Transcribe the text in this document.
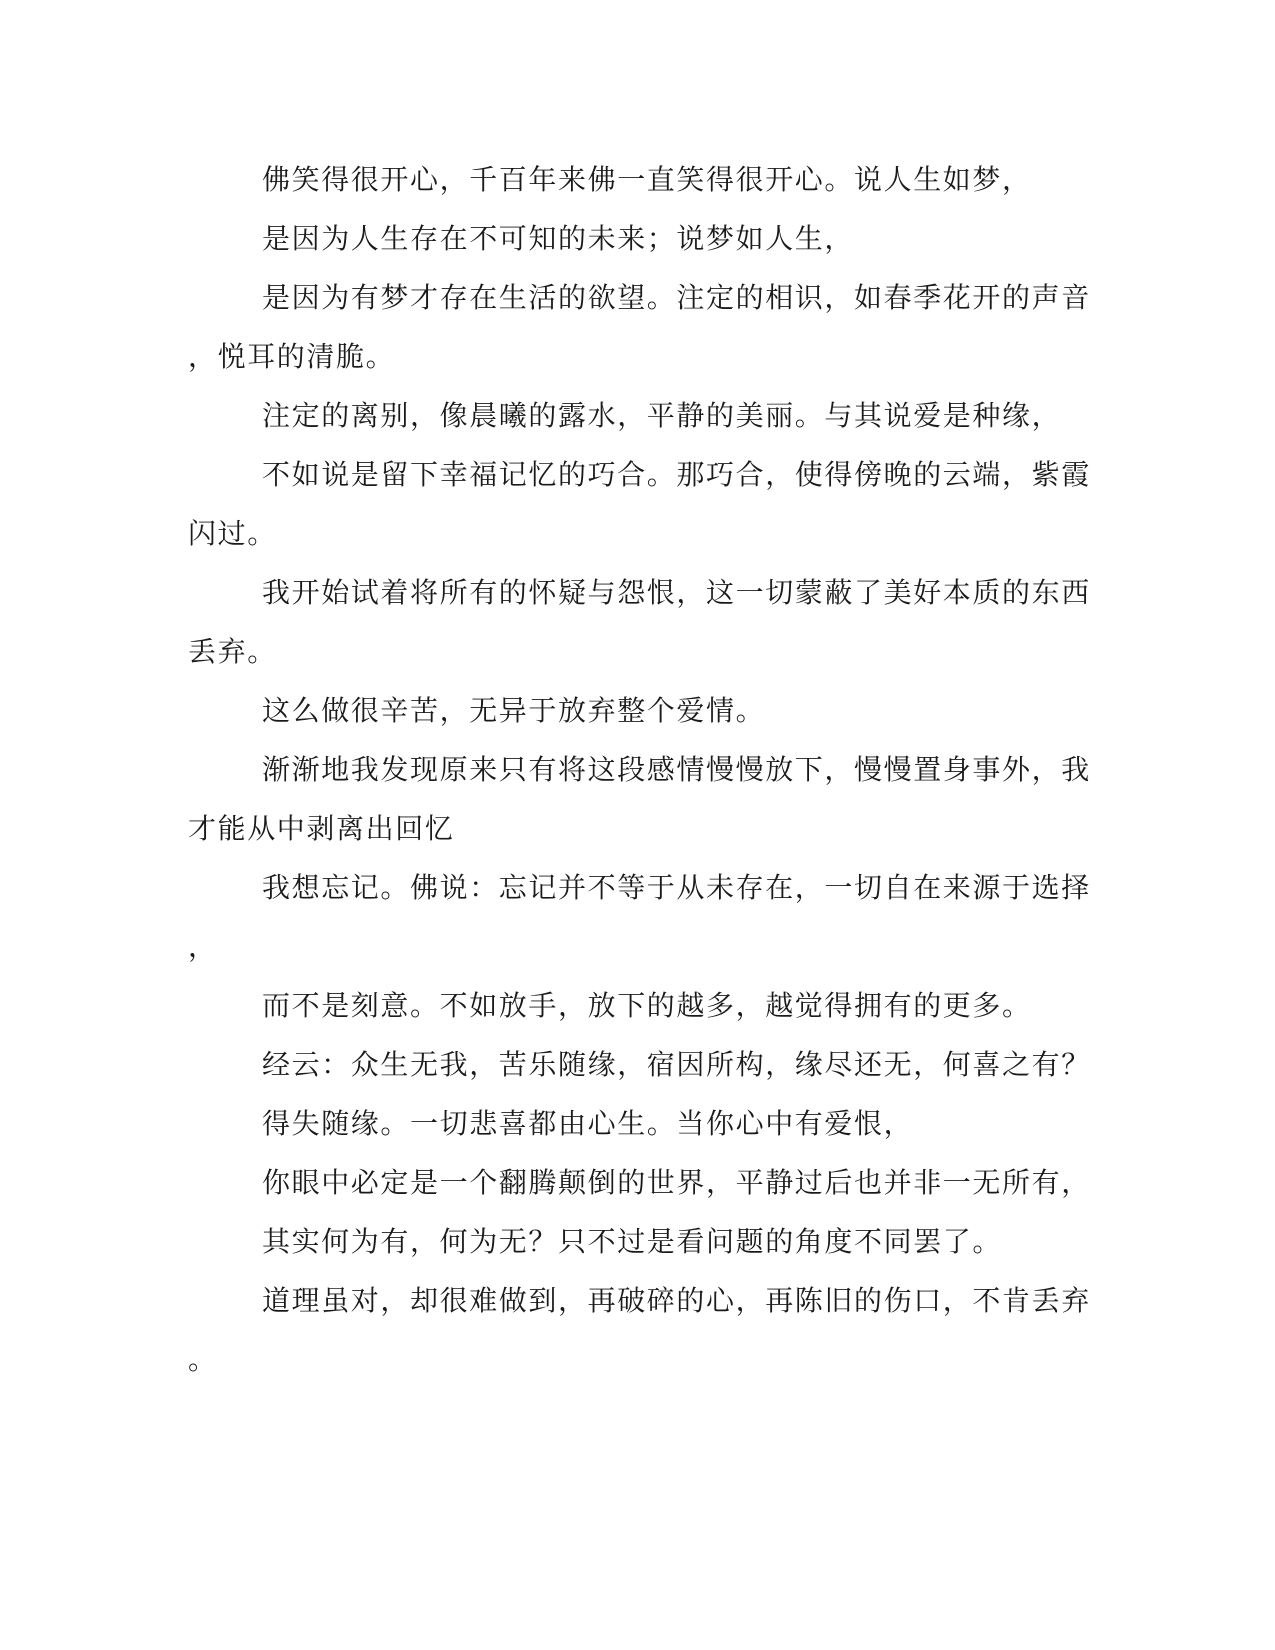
佛笑得很开心，千百年来佛一直笑得很开心。说人生如梦，
是因为人生存在不可知的未来；说梦如人生，
是因为有梦才存在生活的欲望。注定的相识，如春季花开的声音
，悦耳的清脆。
注定的离别，像晨曦的露水，平静的美丽。与其说爱是种缘，
不如说是留下幸福记忆的巧合。那巧合，使得傍晚的云端，紫霞
闪过。
我开始试着将所有的怀疑与怨恨，这一切蒙蔽了美好本质的东西
丢弃。
这么做很辛苦，无异于放弃整个爱情。
渐渐地我发现原来只有将这段感情慢慢放下，慢慢置身事外，我
才能从中剥离出回忆
我想忘记。佛说：忘记并不等于从未存在，一切自在来源于选择
，
而不是刻意。不如放手，放下的越多，越觉得拥有的更多。
经云：众生无我，苦乐随缘，宿因所构，缘尽还无，何喜之有？
得失随缘。一切悲喜都由心生。当你心中有爱恨，
你眼中必定是一个翻腾颠倒的世界，平静过后也并非一无所有，
其实何为有，何为无？只不过是看问题的角度不同罢了。
道理虽对，却很难做到，再破碎的心，再陈旧的伤口，不肯丢弃
。
